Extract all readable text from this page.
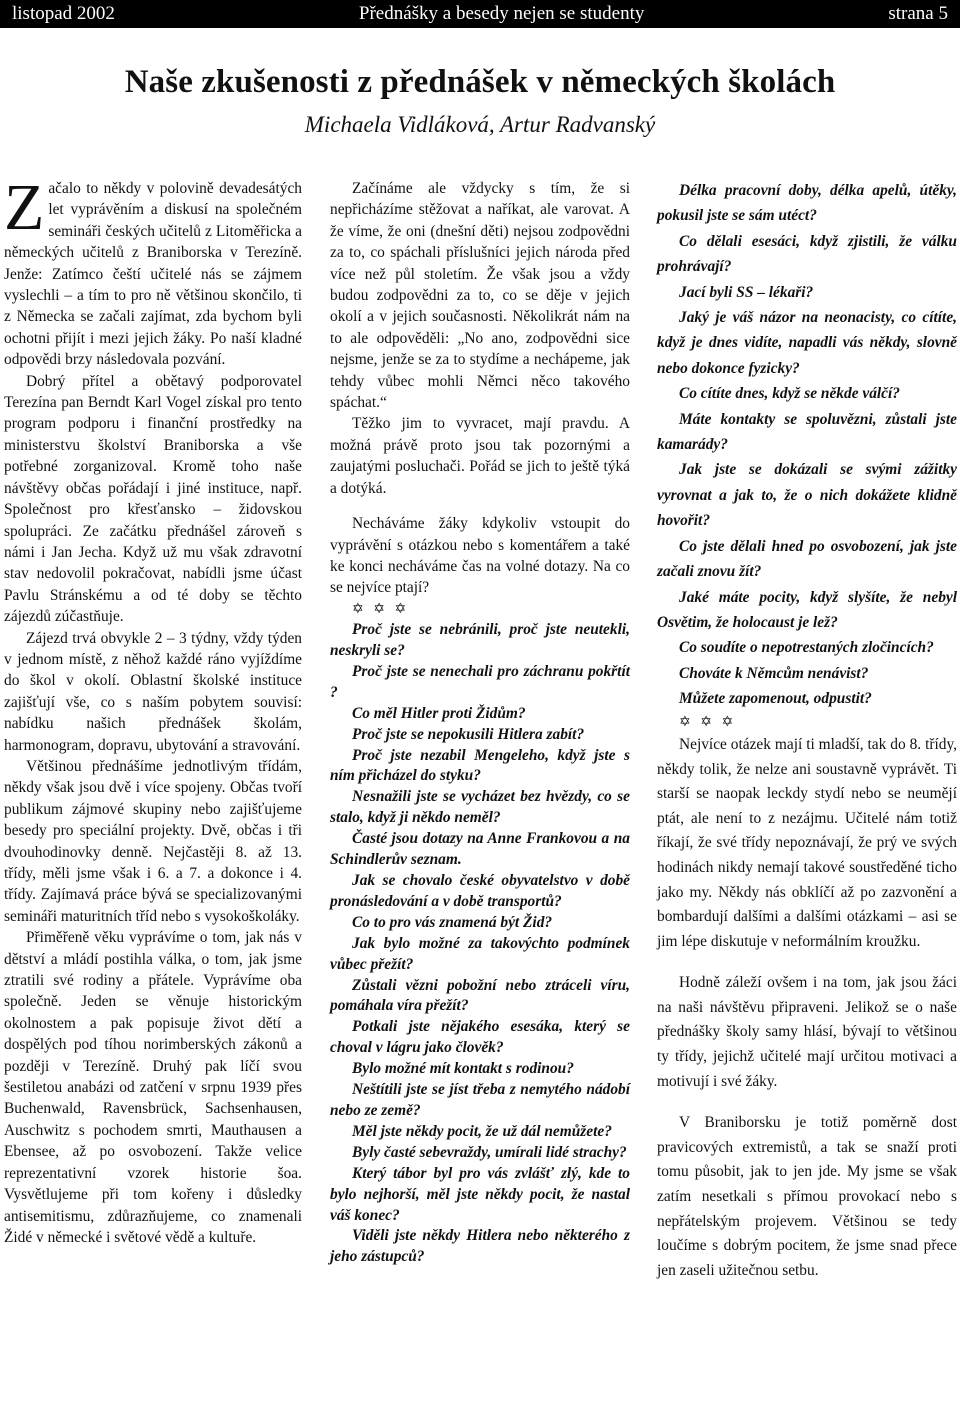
listopad 2002	Přednášky a besedy nejen se studenty	strana 5
Naše zkušenosti z přednášek v německých školách
Michaela Vidláková, Artur Radvanský

Začalo to někdy v polovině devadesátých let vyprávěním a diskusí na společném semináři českých učitelů z Litoměřicka a německých učitelů z Braniborska v Terezíně. Jenže: Zatímco čeští učitelé nás se zájmem vyslechli – a tím to pro ně většinou skončilo, ti z Německa se začali zajímat, zda bychom byli ochotni přijít i mezi jejich žáky. Po naší kladné odpovědi brzy následovala pozvání.

Dobrý přítel a obětavý podporovatel Terezína pan Berndt Karl Vogel získal pro tento program podporu i finanční prostředky na ministerstvu školství Braniborska a vše potřebné zorganizoval. Kromě toho naše návštěvy občas pořádají i jiné instituce, např. Společnost pro křesťansko – židovskou spolupráci. Ze začátku přednášel zároveň s námi i Jan Jecha. Když už mu však zdravotní stav nedovolil pokračovat, nabídli jsme účast Pavlu Stránskému a od té doby se těchto zájezdů zúčastňuje.

Zájezd trvá obvykle 2 – 3 týdny, vždy týden v jednom místě, z něhož každé ráno vyjíždíme do škol v okolí. Oblastní školské instituce zajišťují vše, co s naším pobytem souvisí: nabídku našich přednášek školám, harmonogram, dopravu, ubytování a stravování.

Většinou přednášíme jednotlivým třídám, někdy však jsou dvě i více spojeny. Občas tvoří publikum zájmové skupiny nebo zajišťujeme besedy pro speciální projekty. Dvě, občas i tři dvouhodinovky denně. Nejčastěji 8. až 13. třídy, měli jsme však i 6. a 7. a dokonce i 4. třídy. Zajímavá práce bývá se specializovanými semináři maturitních tříd nebo s vysokoškoláky.

Přiměřeně věku vyprávíme o tom, jak nás v dětství a mládí postihla válka, o tom, jak jsme ztratili své rodiny a přátele. Vyprávíme oba společně. Jeden se věnuje historickým okolnostem a pak popisuje život dětí a dospělých pod tíhou norimberských zákonů a později v Terezíně. Druhý pak líčí svou šestiletou anabázi od zatčení v srpnu 1939 přes Buchenwald, Ravensbrück, Sachsenhausen, Auschwitz s pochodem smrti, Mauthausen a Ebensee, až po osvobození. Takže velice reprezentativní vzorek historie šoa. Vysvětlujeme při tom kořeny i důsledky antisemitismu, zdůrazňujeme, co znamenali Židé v německé i světové vědě a kultuře.

Začínáme ale vždycky s tím, že si nepřicházíme stěžovat a naříkat, ale varovat. A že víme, že oni (dnešní děti) nejsou zodpovědni za to, co spáchali příslušníci jejich národa před více než půl stoletím. Že však jsou a vždy budou zodpovědni za to, co se děje v jejich okolí a v jejich současnosti. Několikrát nám na to ale odpověděli: „No ano, zodpovědni sice nejsme, jenže se za to stydíme a nechápeme, jak tehdy vůbec mohli Němci něco takového spáchat.“

Těžko jim to vyvracet, mají pravdu. A možná právě proto jsou tak pozornými a zaujatými posluchači. Pořád se jich to ještě týká a dotýká.

Necháváme žáky kdykoliv vstoupit do vyprávění s otázkou nebo s komentářem a také ke konci necháváme čas na volné dotazy. Na co se nejvíce ptají?

✡ ✡ ✡

Proč jste se nebránili, proč jste neutekli, neskryli se?

Proč jste se nenechali pro záchranu pokřtít ?

Co měl Hitler proti Židům?

Proč jste se nepokusili Hitlera zabít?

Proč jste nezabil Mengeleho, když jste s ním přicházel do styku?

Nesnažili jste se vycházet bez hvězdy, co se stalo, když ji někdo neměl?

Časté jsou dotazy na Anne Frankovou a na Schindlerův seznam.

Jak se chovalo české obyvatelstvo v době pronásledování a v době transportů?

Co to pro vás znamená být Žid?

Jak bylo možné za takovýchto podmínek vůbec přežít?

Zůstali vězni pobožní nebo ztráceli víru, pomáhala víra přežít?

Potkali jste nějakého esesáka, který se choval v lágru jako člověk?

Bylo možné mít kontakt s rodinou?

Neštítili jste se jíst třeba z nemytého nádobí nebo ze země?

Měl jste někdy pocit, že už dál nemůžete?

Byly časté sebevraždy, umírali lidé strachy?

Který tábor byl pro vás zvlášť zlý, kde to bylo nejhorší, měl jste někdy pocit, že nastal váš konec?

Viděli jste někdy Hitlera nebo některého z jeho zástupců?

Délka pracovní doby, délka apelů, útěky, pokusil jste se sám utéct?

Co dělali esesáci, když zjistili, že válku prohrávají?

Jací byli SS – lékaři?

Jaký je váš názor na neonacisty, co cítíte, když je dnes vidíte, napadli vás někdy, slovně nebo dokonce fyzicky?

Co cítíte dnes, když se někde válčí?

Máte kontakty se spoluvězni, zůstali jste kamarády?

Jak jste se dokázali se svými zážitky vyrovnat a jak to, že o nich dokážete klidně hovořit?

Co jste dělali hned po osvobození, jak jste začali znovu žít?

Jaké máte pocity, když slyšíte, že nebyl Osvětim, že holocaust je lež?

Co soudíte o nepotrestaných zločincích?

Chováte k Němcům nenávist?

Můžete zapomenout, odpustit?

✡ ✡ ✡

Nejvíce otázek mají ti mladší, tak do 8. třídy, někdy tolik, že nelze ani soustavně vyprávět. Ti starší se naopak leckdy stydí nebo se neumějí ptát, ale není to z nezájmu. Učitelé nám totiž říkají, že své třídy nepoznávají, že prý ve svých hodinách nikdy nemají takové soustředěné ticho jako my. Někdy nás obklíčí až po zazvonění a bombardují dalšími a dalšími otázkami – asi se jim lépe diskutuje v neformálním kroužku.

Hodně záleží ovšem i na tom, jak jsou žáci na naši návštěvu připraveni. Jelikož se o naše přednášky školy samy hlásí, bývají to většinou ty třídy, jejichž učitelé mají určitou motivaci a motivují i své žáky.

V Braniborsku je totiž poměrně dost pravicových extremistů, a tak se snaží proti tomu působit, jak to jen jde. My jsme se však zatím nesetkali s přímou provokací nebo s nepřátelským projevem. Většinou se tedy loučíme s dobrým pocitem, že jsme snad přece jen zaseli užitečnou setbu.
